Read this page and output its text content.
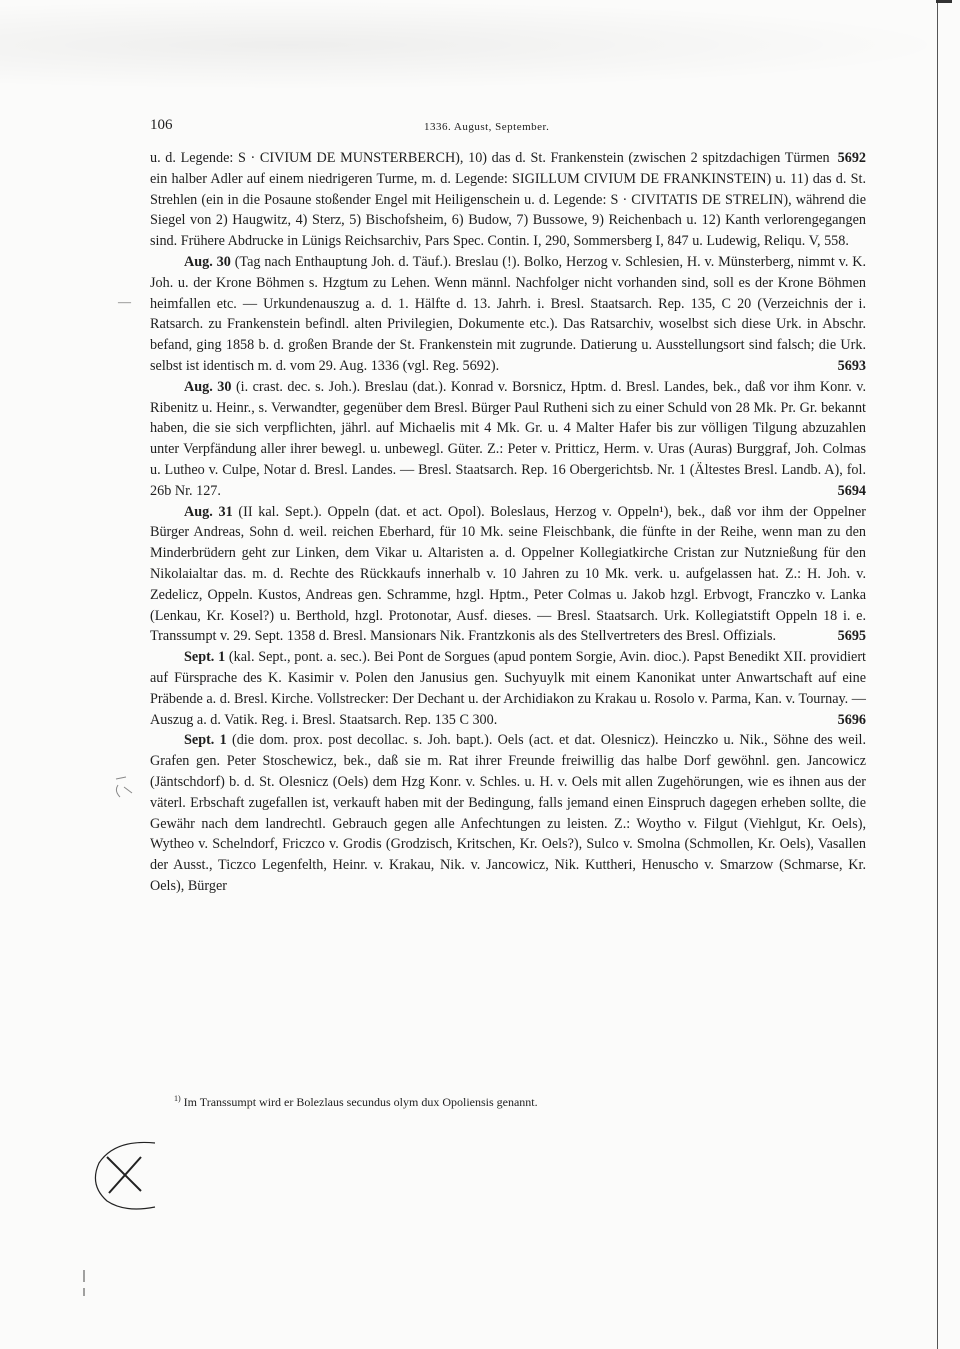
106	1336. August, September.

5692
u. d. Legende: S · CIVIUM DE MUNSTERBERCH), 10) das d. St. Frankenstein (zwischen 2 spitzdachigen Türmen ein halber Adler auf einem niedrigeren Turme, m. d. Legende: SIGILLUM CIVIUM DE FRANKINSTEIN) u. 11) das d. St. Strehlen (ein in die Posaune stoßender Engel mit Heiligenschein u. d. Legende: S · CIVITATIS DE STRELIN), während die Siegel von 2) Haugwitz, 4) Sterz, 5) Bischofsheim, 6) Budow, 7) Bussowe, 9) Reichenbach u. 12) Kanth verlorengegangen sind. Frühere Abdrucke in Lünigs Reichsarchiv, Pars Spec. Contin. I, 290, Sommersberg I, 847 u. Ludewig, Reliqu. V, 558.

Aug. 30 (Tag nach Enthauptung Joh. d. Täuf.). Breslau (!). Bolko, Herzog v. Schlesien, H. v. Münsterberg, nimmt v. K. Joh. u. der Krone Böhmen s. Hzgtum zu Lehen. Wenn männl. Nachfolger nicht vorhanden sind, soll es der Krone Böhmen heimfallen etc. — Urkundenauszug a. d. 1. Hälfte d. 13. Jahrh. i. Bresl. Staatsarch. Rep. 135, C 20 (Verzeichnis der i. Ratsarch. zu Frankenstein befindl. alten Privilegien, Dokumente etc.). Das Ratsarchiv, woselbst sich diese Urk. in Abschr. befand, ging 1858 b. d. großen Brande der St. Frankenstein mit zugrunde. Datierung u. Ausstellungsort sind falsch; die Urk. selbst ist identisch m. d. vom 29. Aug. 1336 (vgl. Reg. 5692).	5693

Aug. 30 (i. crast. dec. s. Joh.). Breslau (dat.). Konrad v. Borsnicz, Hptm. d. Bresl. Landes, bek., daß vor ihm Konr. v. Ribenitz u. Heinr., s. Verwandter, gegenüber dem Bresl. Bürger Paul Rutheni sich zu einer Schuld von 28 Mk. Pr. Gr. bekannt haben, die sie sich verpflichten, jährl. auf Michaelis mit 4 Mk. Gr. u. 4 Malter Hafer bis zur völligen Tilgung abzuzahlen unter Verpfändung aller ihrer bewegl. u. unbewegl. Güter. Z.: Peter v. Pritticz, Herm. v. Uras (Auras) Burggraf, Joh. Colmas u. Lutheo v. Culpe, Notar d. Bresl. Landes. — Bresl. Staatsarch. Rep. 16 Obergerichtsb. Nr. 1 (Ältestes Bresl. Landb. A), fol. 26b Nr. 127.	5694

Aug. 31 (II kal. Sept.). Oppeln (dat. et act. Opol). Boleslaus, Herzog v. Oppeln¹), bek., daß vor ihm der Oppelner Bürger Andreas, Sohn d. weil. reichen Eberhard, für 10 Mk. seine Fleischbank, die fünfte in der Reihe, wenn man zu den Minderbrüdern geht zur Linken, dem Vikar u. Altaristen a. d. Oppelner Kollegiatkirche Cristan zur Nutznießung für den Nikolaialtar das. m. d. Rechte des Rückkaufs innerhalb v. 10 Jahren zu 10 Mk. verk. u. aufgelassen hat. Z.: H. Joh. v. Zedelicz, Oppeln. Kustos, Andreas gen. Schramme, hzgl. Hptm., Peter Colmas u. Jakob hzgl. Erbvogt, Franczko v. Lanka (Lenkau, Kr. Kosel?) u. Berthold, hzgl. Protonotar, Ausf. dieses. — Bresl. Staatsarch. Urk. Kollegiatstift Oppeln 18 i. e. Transsumpt v. 29. Sept. 1358 d. Bresl. Mansionars Nik. Frantzkonis als des Stellvertreters des Bresl. Offizials.	5695

Sept. 1 (kal. Sept., pont. a. sec.). Bei Pont de Sorgues (apud pontem Sorgie, Avin. dioc.). Papst Benedikt XII. providiert auf Fürsprache des K. Kasimir v. Polen den Janusius gen. Suchyuylk mit einem Kanonikat unter Anwartschaft auf eine Präbende a. d. Bresl. Kirche. Vollstrecker: Der Dechant u. der Archidiakon zu Krakau u. Rosolo v. Parma, Kan. v. Tournay. — Auszug a. d. Vatik. Reg. i. Bresl. Staatsarch. Rep. 135 C 300.	5696

Sept. 1 (die dom. prox. post decollac. s. Joh. bapt.). Oels (act. et dat. Olesnicz). Heinczko u. Nik., Söhne des weil. Grafen gen. Peter Stoschewicz, bek., daß sie m. Rat ihrer Freunde freiwillig das halbe Dorf gewöhnl. gen. Jancowicz (Jäntschdorf) b. d. St. Olesnicz (Oels) dem Hzg Konr. v. Schles. u. H. v. Oels mit allen Zugehörungen, wie es ihnen aus der väterl. Erbschaft zugefallen ist, verkauft haben mit der Bedingung, falls jemand einen Einspruch dagegen erheben sollte, die Gewähr nach dem landrechtl. Gebrauch gegen alle Anfechtungen zu leisten. Z.: Woytho v. Filgut (Viehlgut, Kr. Oels), Wytheo v. Schelndorf, Friczco v. Grodis (Grodzisch, Kritschen, Kr. Oels?), Sulco v. Smolna (Schmollen, Kr. Oels), Vasallen der Ausst., Ticzco Legenfelth, Heinr. v. Krakau, Nik. v. Jancowicz, Nik. Kuttheri, Henuscho v. Smarzow (Schmarse, Kr. Oels), Bürger

$^{1)}$ Im Transsumpt wird er Bolezlaus secundus olym dux Opoliensis genannt.
—
